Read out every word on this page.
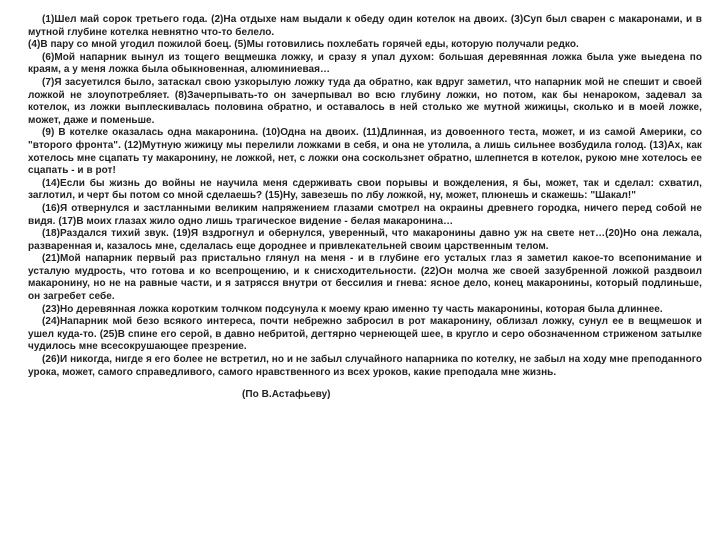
(1)Шел май сорок третьего года. (2)На отдыхе нам выдали к обеду один котелок на двоих. (3)Суп был сварен с макаронами, и в мутной глубине котелка невнятно что-то белело.

(4)В пару со мной угодил пожилой боец. (5)Мы готовились похлебать горячей еды, которую получали редко.

(6)Мой напарник вынул из тощего вещмешка ложку, и сразу я упал духом: большая деревянная ложка была уже выедена по краям, а у меня ложка была обыкновенная, алюминиевая…

(7)Я засуетился было, затаскал свою узкорылую ложку туда да обратно, как вдруг заметил, что напарник мой не спешит и своей ложкой не злоупотребляет. (8)Зачерпывать-то он зачерпывал во всю глубину ложки, но потом, как бы ненароком, задевал за котелок, из ложки выплескивалась половина обратно, и оставалось в ней столько же мутной жижицы, сколько и в моей ложке, может, даже и поменьше.

(9) В котелке оказалась одна макаронина. (10)Одна на двоих. (11)Длинная, из довоенного теста, может, и из самой Америки, со "второго фронта". (12)Мутную жижицу мы перелили ложками в себя, и она не утолила, а лишь сильнее возбудила голод. (13)Ах, как хотелось мне сцапать ту макаронину, не ложкой, нет, с ложки она соскользнет обратно, шлепнется в котелок, рукою мне хотелось ее сцапать - и в рот!

(14)Если бы жизнь до войны не научила меня сдерживать свои порывы и вожделения, я бы, может, так и сделал: схватил, заглотил, и черт бы потом со мной сделаешь? (15)Ну, завезешь по лбу ложкой, ну, может, плюнешь и скажешь: "Шакал!"

(16)Я отвернулся и застланными великим напряжением глазами смотрел на окраины древнего городка, ничего перед собой не видя. (17)В моих глазах жило одно лишь трагическое видение - белая макаронина…

(18)Раздался тихий звук. (19)Я вздрогнул и обернулся, уверенный, что макаронины давно уж на свете нет…(20)Но она лежала, разваренная и, казалось мне, сделалась еще дороднее и привлекательней своим царственным телом.

(21)Мой напарник первый раз пристально глянул на меня - и в глубине его усталых глаз я заметил какое-то всепонимание и усталую мудрость, что готова и ко всепрощению, и к снисходительности. (22)Он молча же своей зазубренной ложкой раздвоил макаронину, но не на равные части, и я затрясся внутри от бессилия и гнева: ясное дело, конец макаронины, который подлиньше, он загребет себе.

(23)Но деревянная ложка коротким толчком подсунула к моему краю именно ту часть макаронины, которая была длиннее.

(24)Напарник мой безо всякого интереса, почти небрежно забросил в рот макаронину, облизал ложку, сунул ее в вещмешок и ушел куда-то. (25)В спине его серой, в давно небритой, дегтярно чернеющей шее, в кругло и серо обозначенном стриженом затылке чудилось мне всесокрушающее презрение.

(26)И никогда, нигде я его более не встретил, но и не забыл случайного напарника по котелку, не забыл на ходу мне преподанного урока, может, самого справедливого, самого нравственного из всех уроков, какие преподала мне жизнь.

(По В.Астафьеву)
